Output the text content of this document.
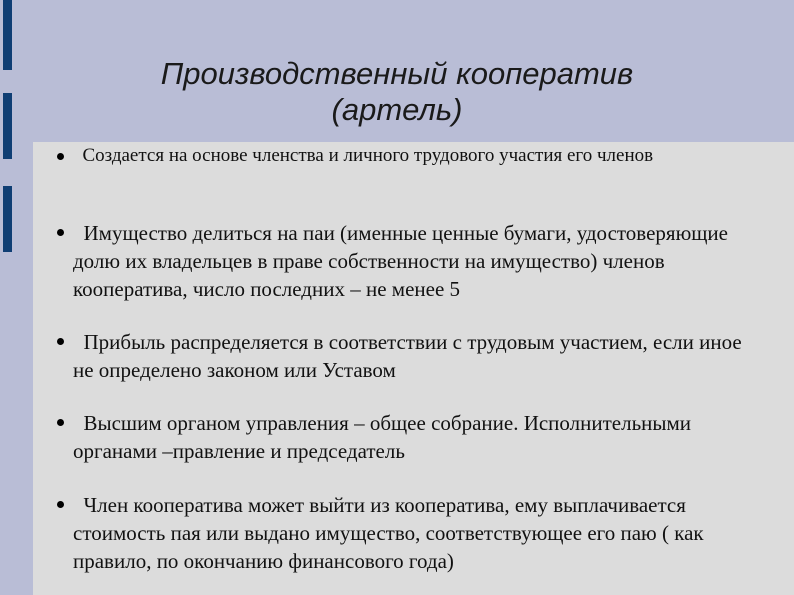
Производственный кооператив
(артель)
Создается на основе членства и личного трудового участия его членов
Имущество делиться на паи (именные ценные бумаги, удостоверяющие долю их владельцев в праве собственности на имущество) членов кооператива, число последних – не менее 5
Прибыль распределяется в соответствии с трудовым участием, если иное не определено законом или Уставом
Высшим органом управления – общее собрание. Исполнительными органами –правление и председатель
Член кооператива может выйти из кооператива, ему выплачивается стоимость пая или выдано имущество, соответствующее его паю ( как правило, по окончанию финансового года)
